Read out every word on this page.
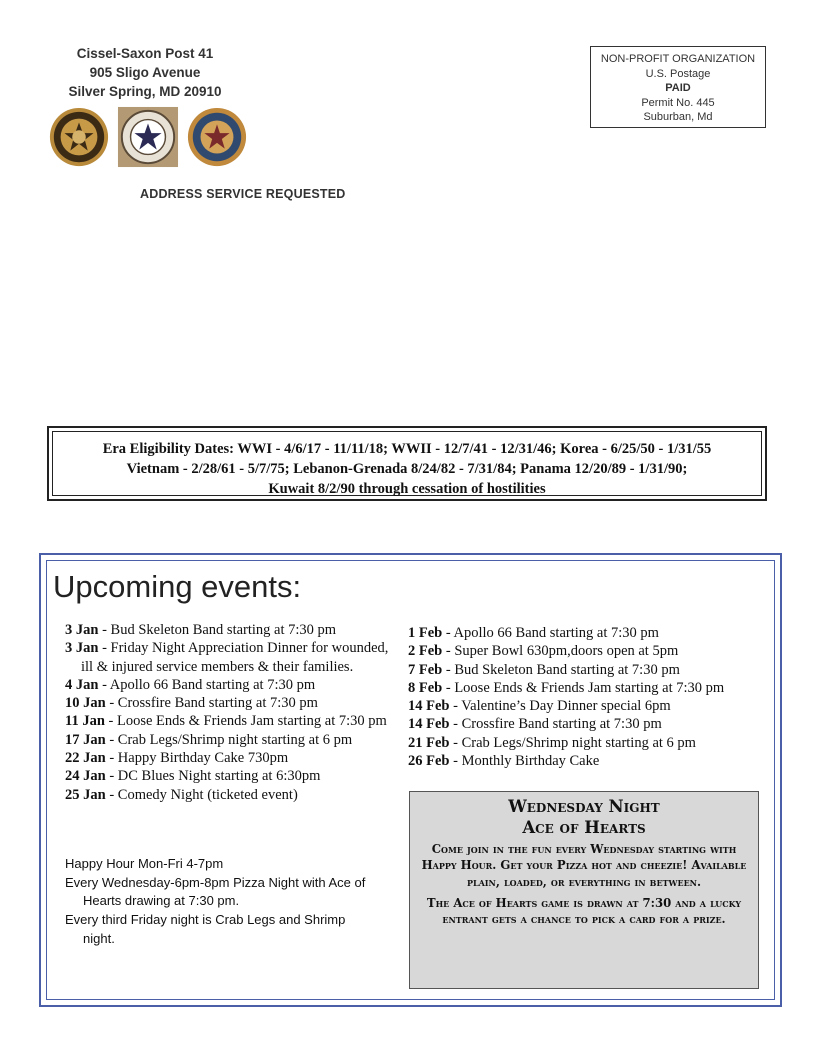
Cissel-Saxon Post 41
905 Sligo Avenue
Silver Spring, MD 20910
NON-PROFIT ORGANIZATION
U.S. Postage
PAID
Permit No. 445
Suburban, Md
ADDRESS SERVICE REQUESTED
Era Eligibility Dates: WWI - 4/6/17 - 11/11/18; WWII - 12/7/41 - 12/31/46; Korea - 6/25/50 - 1/31/55
Vietnam - 2/28/61 - 5/7/75; Lebanon-Grenada 8/24/82 - 7/31/84; Panama 12/20/89 - 1/31/90;
Kuwait 8/2/90 through cessation of hostilities
Upcoming events:
3 Jan - Bud Skeleton Band starting at 7:30 pm
3 Jan - Friday Night Appreciation Dinner for wounded, ill & injured service members & their families.
4 Jan - Apollo 66 Band starting at 7:30 pm
10 Jan - Crossfire Band starting at 7:30 pm
11 Jan - Loose Ends & Friends Jam starting at 7:30 pm
17 Jan - Crab Legs/Shrimp night starting at 6 pm
22 Jan - Happy Birthday Cake 730pm
24 Jan - DC Blues Night starting at 6:30pm
25 Jan - Comedy Night (ticketed event)
Happy Hour Mon-Fri 4-7pm
Every Wednesday-6pm-8pm Pizza Night with Ace of Hearts drawing at 7:30 pm.
Every third Friday night is Crab Legs and Shrimp night.
1 Feb - Apollo 66 Band starting at 7:30 pm
2 Feb - Super Bowl 630pm,doors open at 5pm
7 Feb - Bud Skeleton Band starting at 7:30 pm
8 Feb - Loose Ends & Friends Jam starting at 7:30 pm
14 Feb - Valentine’s Day Dinner special 6pm
14 Feb - Crossfire Band starting at 7:30 pm
21 Feb - Crab Legs/Shrimp night starting at 6 pm
26 Feb - Monthly Birthday Cake
Wednesday Night
Ace of Hearts
Come join in the fun every Wednesday starting with Happy Hour. Get your Pizza hot and cheezie! Available plain, loaded, or everything in between.
The Ace of Hearts game is drawn at 7:30 and a lucky entrant gets a chance to pick a card for a prize.
